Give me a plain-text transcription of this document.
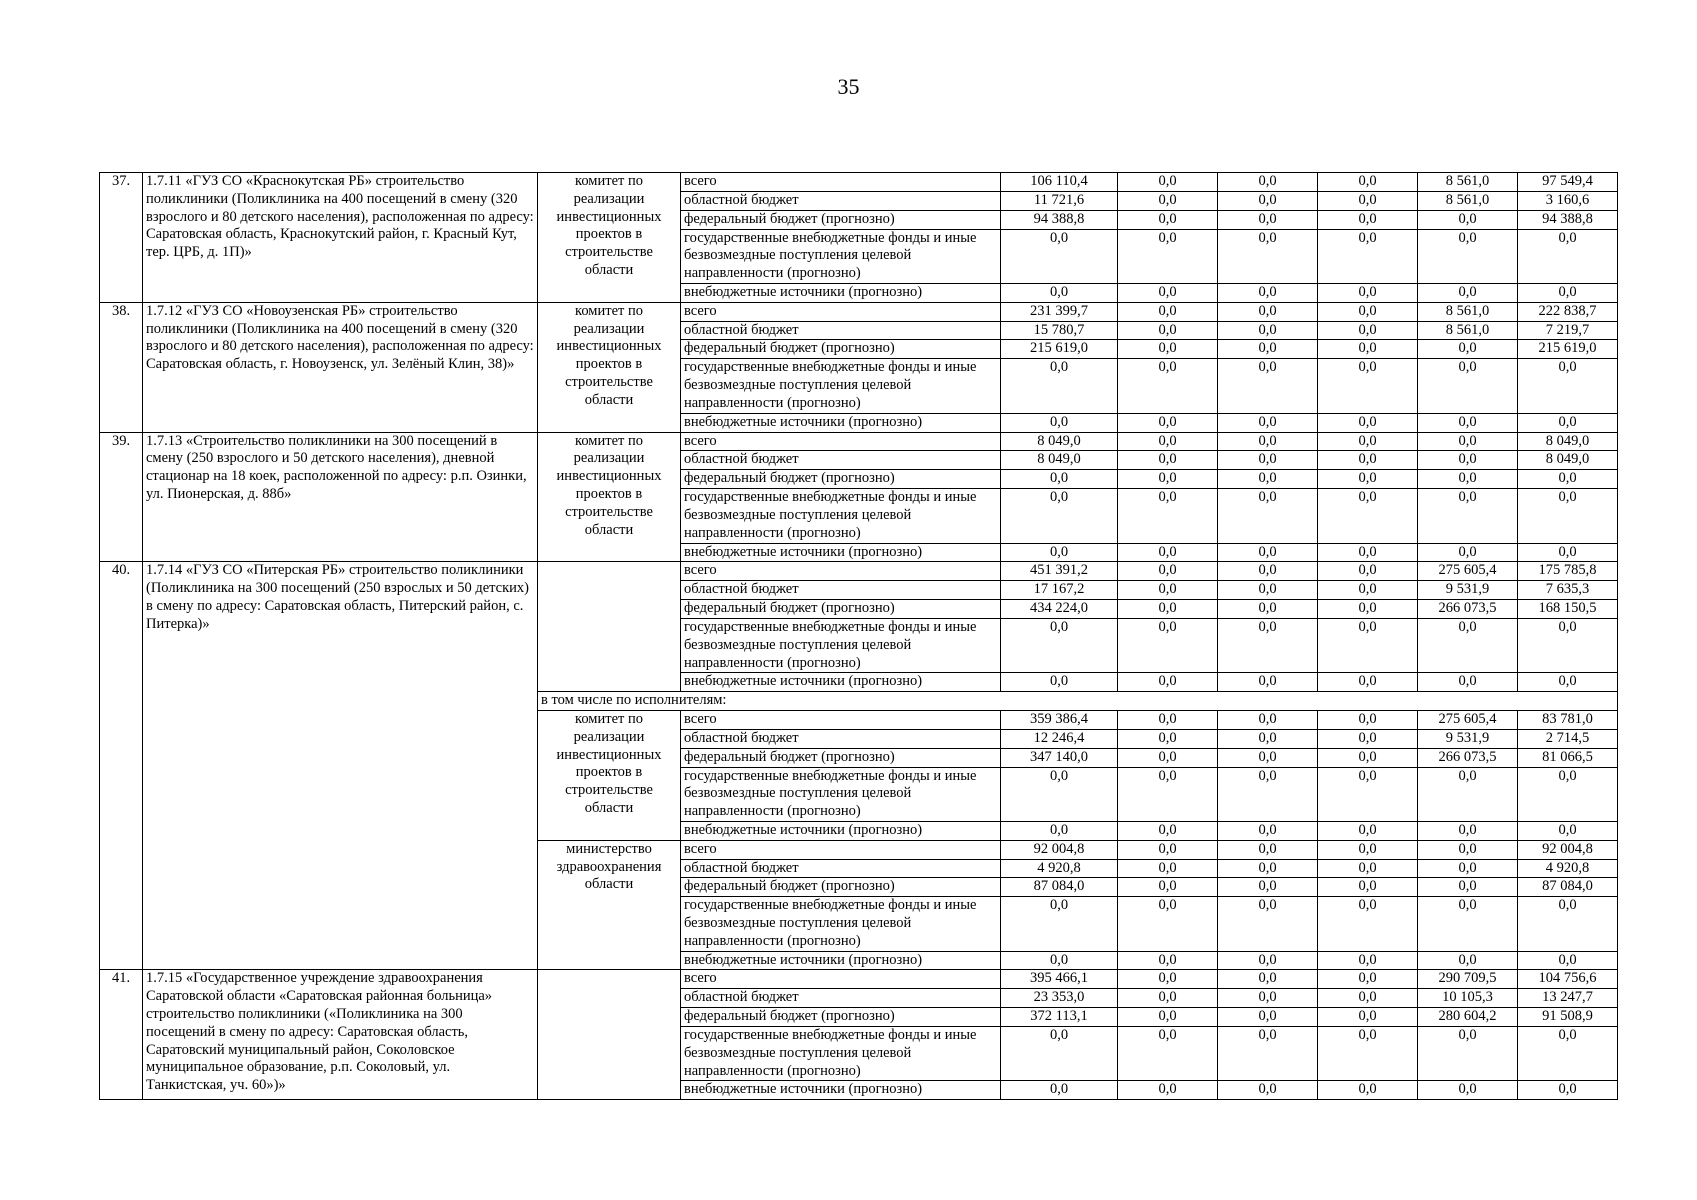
35
37.	1.7.11 «ГУЗ СО «Краснокутская РБ» строительство поликлиники (Поликлиника на 400 посещений в смену (320 взрослого и 80 детского населения), расположенная по адресу: Саратовская область, Краснокутский район, г. Красный Кут, тер. ЦРБ, д. 1П)»	комитет по реализации инвестиционных проектов в строительстве области	всего	106 110,4	0,0	0,0	0,0	8 561,0	97 549,4
			областной бюджет	11 721,6	0,0	0,0	0,0	8 561,0	3 160,6
			федеральный бюджет (прогнозно)	94 388,8	0,0	0,0	0,0	0,0	94 388,8
			государственные внебюджетные фонды и иные безвозмездные поступления целевой направленности (прогнозно)	0,0	0,0	0,0	0,0	0,0	0,0
			внебюджетные источники (прогнозно)	0,0	0,0	0,0	0,0	0,0	0,0
38.	1.7.12 «ГУЗ СО «Новоузенская РБ» строительство поликлиники (Поликлиника на 400 посещений в смену (320 взрослого и 80 детского населения), расположенная по адресу: Саратовская область, г. Новоузенск, ул. Зелёный Клин, 38)»	комитет по реализации инвестиционных проектов в строительстве области	всего	231 399,7	0,0	0,0	0,0	8 561,0	222 838,7
			областной бюджет	15 780,7	0,0	0,0	0,0	8 561,0	7 219,7
			федеральный бюджет (прогнозно)	215 619,0	0,0	0,0	0,0	0,0	215 619,0
			государственные внебюджетные фонды и иные безвозмездные поступления целевой направленности (прогнозно)	0,0	0,0	0,0	0,0	0,0	0,0
			внебюджетные источники (прогнозно)	0,0	0,0	0,0	0,0	0,0	0,0
39.	1.7.13 «Строительство поликлиники на 300 посещений в смену (250 взрослого и 50 детского населения), дневной стационар на 18 коек, расположенной по адресу: р.п. Озинки, ул. Пионерская, д. 88б»	комитет по реализации инвестиционных проектов в строительстве области	всего	8 049,0	0,0	0,0	0,0	0,0	8 049,0
			областной бюджет	8 049,0	0,0	0,0	0,0	0,0	8 049,0
			федеральный бюджет (прогнозно)	0,0	0,0	0,0	0,0	0,0	0,0
			государственные внебюджетные фонды и иные безвозмездные поступления целевой направленности (прогнозно)	0,0	0,0	0,0	0,0	0,0	0,0
			внебюджетные источники (прогнозно)	0,0	0,0	0,0	0,0	0,0	0,0
40.	1.7.14 «ГУЗ СО «Питерская РБ» строительство поликлиники (Поликлиника на 300 посещений (250 взрослых и 50 детских) в смену по адресу: Саратовская область, Питерский район, с. Питерка)»		всего	451 391,2	0,0	0,0	0,0	275 605,4	175 785,8
			областной бюджет	17 167,2	0,0	0,0	0,0	9 531,9	7 635,3
			федеральный бюджет (прогнозно)	434 224,0	0,0	0,0	0,0	266 073,5	168 150,5
			государственные внебюджетные фонды и иные безвозмездные поступления целевой направленности (прогнозно)	0,0	0,0	0,0	0,0	0,0	0,0
			внебюджетные источники (прогнозно)	0,0	0,0	0,0	0,0	0,0	0,0
		в том числе по исполнителям:							
		комитет по реализации инвестиционных проектов в строительстве области	всего	359 386,4	0,0	0,0	0,0	275 605,4	83 781,0
			областной бюджет	12 246,4	0,0	0,0	0,0	9 531,9	2 714,5
			федеральный бюджет (прогнозно)	347 140,0	0,0	0,0	0,0	266 073,5	81 066,5
			государственные внебюджетные фонды и иные безвозмездные поступления целевой направленности (прогнозно)	0,0	0,0	0,0	0,0	0,0	0,0
			внебюджетные источники (прогнозно)	0,0	0,0	0,0	0,0	0,0	0,0
		министерство здравоохранения области	всего	92 004,8	0,0	0,0	0,0	0,0	92 004,8
			областной бюджет	4 920,8	0,0	0,0	0,0	0,0	4 920,8
			федеральный бюджет (прогнозно)	87 084,0	0,0	0,0	0,0	0,0	87 084,0
			государственные внебюджетные фонды и иные безвозмездные поступления целевой направленности (прогнозно)	0,0	0,0	0,0	0,0	0,0	0,0
			внебюджетные источники (прогнозно)	0,0	0,0	0,0	0,0	0,0	0,0
41.	1.7.15 «Государственное учреждение здравоохранения Саратовской области «Саратовская районная больница» строительство поликлиники («Поликлиника на 300 посещений в смену по адресу: Саратовская область, Саратовский муниципальный район, Соколовское муниципальное образование, р.п. Соколовый, ул. Танкистская, уч. 60»)»		всего	395 466,1	0,0	0,0	0,0	290 709,5	104 756,6
			областной бюджет	23 353,0	0,0	0,0	0,0	10 105,3	13 247,7
			федеральный бюджет (прогнозно)	372 113,1	0,0	0,0	0,0	280 604,2	91 508,9
			государственные внебюджетные фонды и иные безвозмездные поступления целевой направленности (прогнозно)	0,0	0,0	0,0	0,0	0,0	0,0
			внебюджетные источники (прогнозно)	0,0	0,0	0,0	0,0	0,0	0,0
